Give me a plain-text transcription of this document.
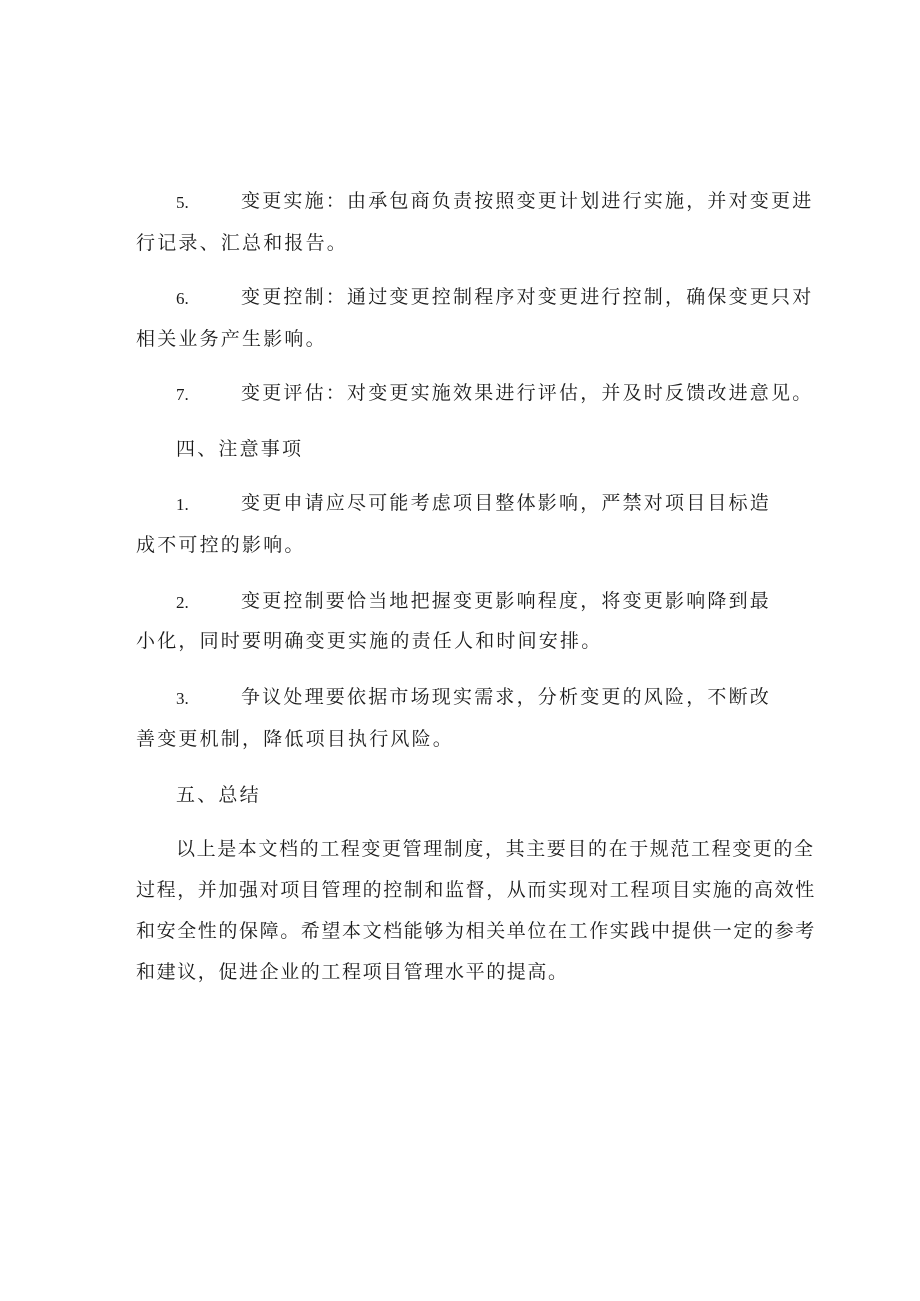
5.	变更实施：由承包商负责按照变更计划进行实施，并对变更进
行记录、汇总和报告。
6.	变更控制：通过变更控制程序对变更进行控制，确保变更只对
相关业务产生影响。
7.	变更评估：对变更实施效果进行评估，并及时反馈改进意见。
四、注意事项
1.	变更申请应尽可能考虑项目整体影响，严禁对项目目标造
成不可控的影响。
2.	变更控制要恰当地把握变更影响程度，将变更影响降到最
小化，同时要明确变更实施的责任人和时间安排。
3.	争议处理要依据市场现实需求，分析变更的风险，不断改
善变更机制，降低项目执行风险。
五、总结
以上是本文档的工程变更管理制度，其主要目的在于规范工程变更的全
过程，并加强对项目管理的控制和监督，从而实现对工程项目实施的高效性
和安全性的保障。希望本文档能够为相关单位在工作实践中提供一定的参考
和建议，促进企业的工程项目管理水平的提高。
